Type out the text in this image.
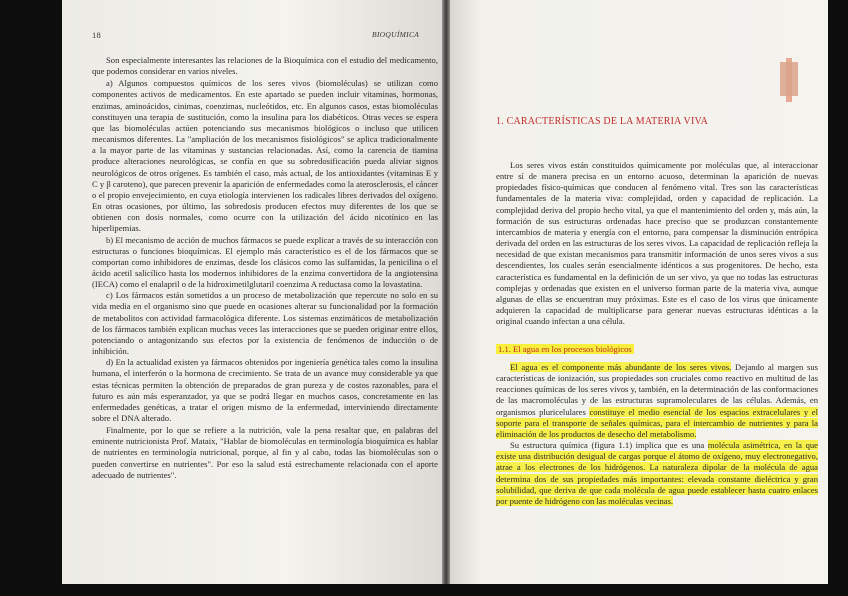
18	BIOQUÍMICA

Son especialmente interesantes las relaciones de la Bioquímica con el estudio del medicamento, que podemos considerar en varios niveles.

a) Algunos compuestos químicos de los seres vivos (biomoléculas) se utilizan como componentes activos de medicamentos. En este apartado se pueden incluir vitaminas, hormonas, enzimas, aminoácidos, cinimas, coenzimas, nucleótidos, etc. En algunos casos, estas biomoléculas constituyen una terapia de sustitución, como la insulina para los diabéticos. Otras veces se espera que las biomoléculas actúen potenciando sus mecanismos biológicos o incluso que utilicen mecanismos diferentes. La "ampliación de los mecanismos fisiológicos" se aplica tradicionalmente a la mayor parte de las vitaminas y sustancias relacionadas. Así, como la carencia de tiamina produce alteraciones neurológicas, se confía en que su sobredosificación pueda aliviar signos neurológicos de otros orígenes. Es también el caso, más actual, de los antioxidantes (vitaminas E y C y β caroteno), que parecen prevenir la aparición de enfermedades como la aterosclerosis, el cáncer o el propio envejecimiento, en cuya etiología intervienen los radicales libres derivados del oxígeno. En otras ocasiones, por último, las sobredosis producen efectos muy diferentes de los que se obtienen con dosis normales, como ocurre con la utilización del ácido nicotínico en las hiperlipemias.

b) El mecanismo de acción de muchos fármacos se puede explicar a través de su interacción con estructuras o funciones bioquímicas. El ejemplo más característico es el de los fármacos que se comportan como inhibidores de enzimas, desde los clásicos como las sulfamidas, la penicilina o el ácido acetil salicílico hasta los modernos inhibidores de la enzima convertidora de la angiotensina (IECA) como el enalapril o de la hidroximetilglutaril coenzima A reductasa como la lovastatina.

c) Los fármacos están sometidos a un proceso de metabolización que repercute no solo en su vida media en el organismo sino que puede en ocasiones alterar su funcionalidad por la formación de metabolitos con actividad farmacológica diferente. Los sistemas enzimáticos de metabolización de los fármacos también explican muchas veces las interacciones que se pueden originar entre ellos, potenciando o antagonizando sus efectos por la existencia de fenómenos de inducción o de inhibición.

d) En la actualidad existen ya fármacos obtenidos por ingeniería genética tales como la insulina humana, el interferón o la hormona de crecimiento. Se trata de un avance muy considerable ya que estas técnicas permiten la obtención de preparados de gran pureza y de costos razonables, para el futuro es aún más esperanzador, ya que se podrá llegar en muchos casos, concretamente en las enfermedades genéticas, a tratar el origen mismo de la enfermedad, interviniendo directamente sobre el DNA alterado.

Finalmente, por lo que se refiere a la nutrición, vale la pena resaltar que, en palabras del eminente nutricionista Prof. Mataix, "Hablar de biomoléculas en terminología bioquímica es hablar de nutrientes en terminología nutricional, porque, al fin y al cabo, todas las biomoléculas son o pueden convertirse en nutrientes". Por eso la salud está estrechamente relacionada con el aporte adecuado de nutrientes".

1. CARACTERÍSTICAS DE LA MATERIA VIVA

Los seres vivos están constituidos químicamente por moléculas que, al interaccionar entre sí de manera precisa en un entorno acuoso, determinan la aparición de nuevas propiedades físico-químicas que conducen al fenómeno vital. Tres son las características fundamentales de la materia viva: complejidad, orden y capacidad de replicación. La complejidad deriva del propio hecho vital, ya que el mantenimiento del orden y, más aún, la formación de sus estructuras ordenadas hace preciso que se produzcan constantemente intercambios de materia y energía con el entorno, para compensar la disminución entrópica derivada del orden en las estructuras de los seres vivos. La capacidad de replicación refleja la necesidad de que existan mecanismos para transmitir información de unos seres vivos a sus descendientes, los cuales serán esencialmente idénticos a sus progenitores. De hecho, esta característica es fundamental en la definición de un ser vivo, ya que no todas las estructuras complejas y ordenadas que existen en el universo forman parte de la materia viva, aunque algunas de ellas se encuentran muy próximas. Este es el caso de los virus que únicamente adquieren la capacidad de multiplicarse para generar nuevas estructuras idénticas a la original cuando infectan a una célula.

1.1. El agua en los procesos biológicos

El agua es el componente más abundante de los seres vivos. Dejando al margen sus características de ionización, sus propiedades son cruciales como reactivo en multitud de las reacciones químicas de los seres vivos y, también, en la determinación de las conformaciones de las macromoléculas y de las estructuras supramoleculares de las células. Además, en organismos pluricelulares constituye el medio esencial de los espacios extracelulares y el soporte para el transporte de señales químicas, para el intercambio de nutrientes y para la eliminación de los productos de desecho del metabolismo.

Su estructura química (figura 1.1) implica que es una molécula asimétrica, en la que existe una distribución desigual de cargas porque el átomo de oxígeno, muy electronegativo, atrae a los electrones de los hidrógenos. La naturaleza dipolar de la molécula de agua determina dos de sus propiedades más importantes: elevada constante dieléctrica y gran solubilidad, que deriva de que cada molécula de agua puede establecer hasta cuatro enlaces por puente de hidrógeno con las moléculas vecinas.
